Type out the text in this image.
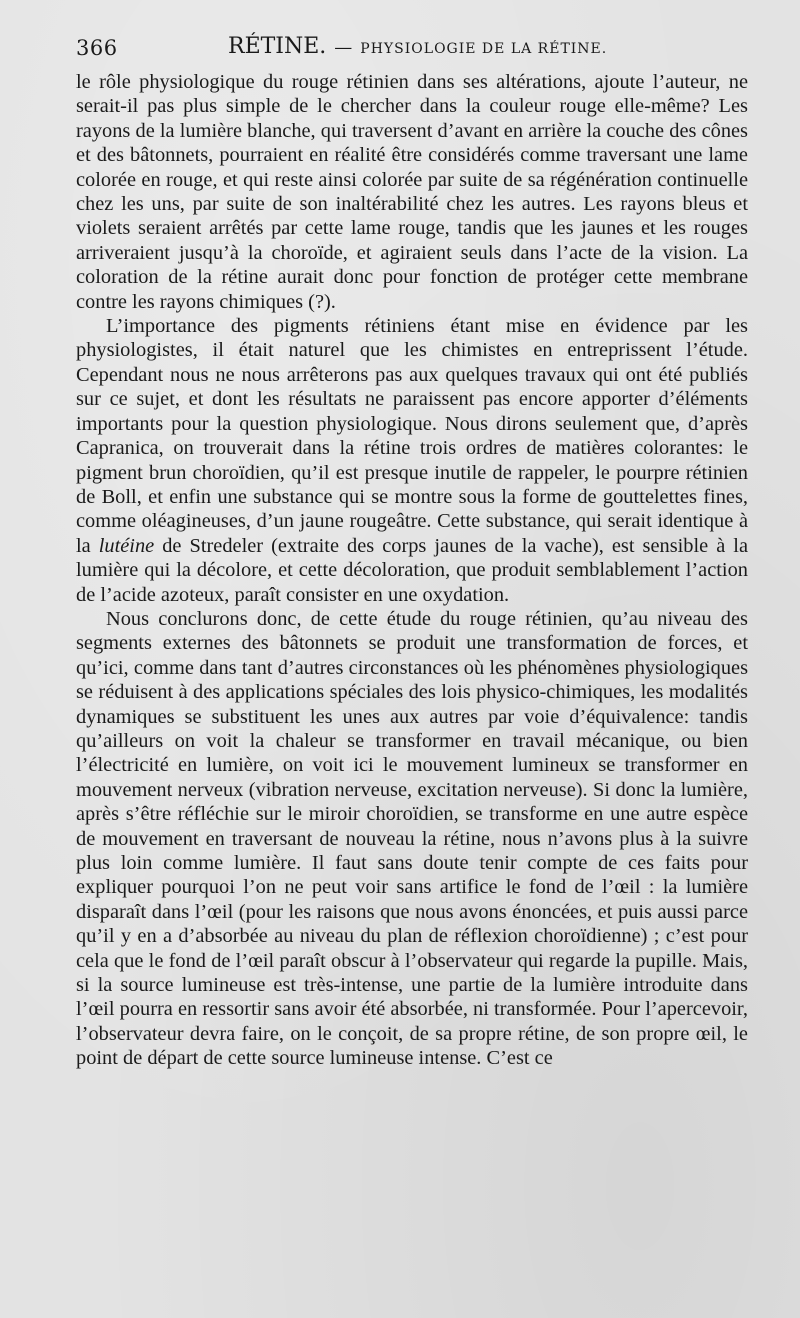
366	RÉTINE. — PHYSIOLOGIE DE LA RÉTINE.

le rôle physiologique du rouge rétinien dans ses altérations, ajoute l’auteur, ne serait-il pas plus simple de le chercher dans la couleur rouge elle-même? Les rayons de la lumière blanche, qui traversent d’avant en arrière la couche des cônes et des bâtonnets, pourraient en réalité être considérés comme traversant une lame colorée en rouge, et qui reste ainsi colorée par suite de sa régénération continuelle chez les uns, par suite de son inaltérabilité chez les autres. Les rayons bleus et violets seraient arrêtés par cette lame rouge, tandis que les jaunes et les rouges arriveraient jusqu’à la choroïde, et agiraient seuls dans l’acte de la vision. La coloration de la rétine aurait donc pour fonction de protéger cette membrane contre les rayons chimiques (?).

L’importance des pigments rétiniens étant mise en évidence par les physiologistes, il était naturel que les chimistes en entreprissent l’étude. Cependant nous ne nous arrêterons pas aux quelques travaux qui ont été publiés sur ce sujet, et dont les résultats ne paraissent pas encore apporter d’éléments importants pour la question physiologique. Nous dirons seulement que, d’après Capranica, on trouverait dans la rétine trois ordres de matières colorantes: le pigment brun choroïdien, qu’il est presque inutile de rappeler, le pourpre rétinien de Boll, et enfin une substance qui se montre sous la forme de gouttelettes fines, comme oléagineuses, d’un jaune rougeâtre. Cette substance, qui serait identique à la lutéine de Stredeler (extraite des corps jaunes de la vache), est sensible à la lumière qui la décolore, et cette décoloration, que produit semblablement l’action de l’acide azoteux, paraît consister en une oxydation.

Nous conclurons donc, de cette étude du rouge rétinien, qu’au niveau des segments externes des bâtonnets se produit une transformation de forces, et qu’ici, comme dans tant d’autres circonstances où les phénomènes physiologiques se réduisent à des applications spéciales des lois physico-chimiques, les modalités dynamiques se substituent les unes aux autres par voie d’équivalence: tandis qu’ailleurs on voit la chaleur se transformer en travail mécanique, ou bien l’électricité en lumière, on voit ici le mouvement lumineux se transformer en mouvement nerveux (vibration nerveuse, excitation nerveuse). Si donc la lumière, après s’être réfléchie sur le miroir choroïdien, se transforme en une autre espèce de mouvement en traversant de nouveau la rétine, nous n’avons plus à la suivre plus loin comme lumière. Il faut sans doute tenir compte de ces faits pour expliquer pourquoi l’on ne peut voir sans artifice le fond de l’œil : la lumière disparaît dans l’œil (pour les raisons que nous avons énoncées, et puis aussi parce qu’il y en a d’absorbée au niveau du plan de réflexion choroïdienne) ; c’est pour cela que le fond de l’œil paraît obscur à l’observateur qui regarde la pupille. Mais, si la source lumineuse est très-intense, une partie de la lumière introduite dans l’œil pourra en ressortir sans avoir été absorbée, ni transformée. Pour l’apercevoir, l’observateur devra faire, on le conçoit, de sa propre rétine, de son propre œil, le point de départ de cette source lumineuse intense. C’est ce
